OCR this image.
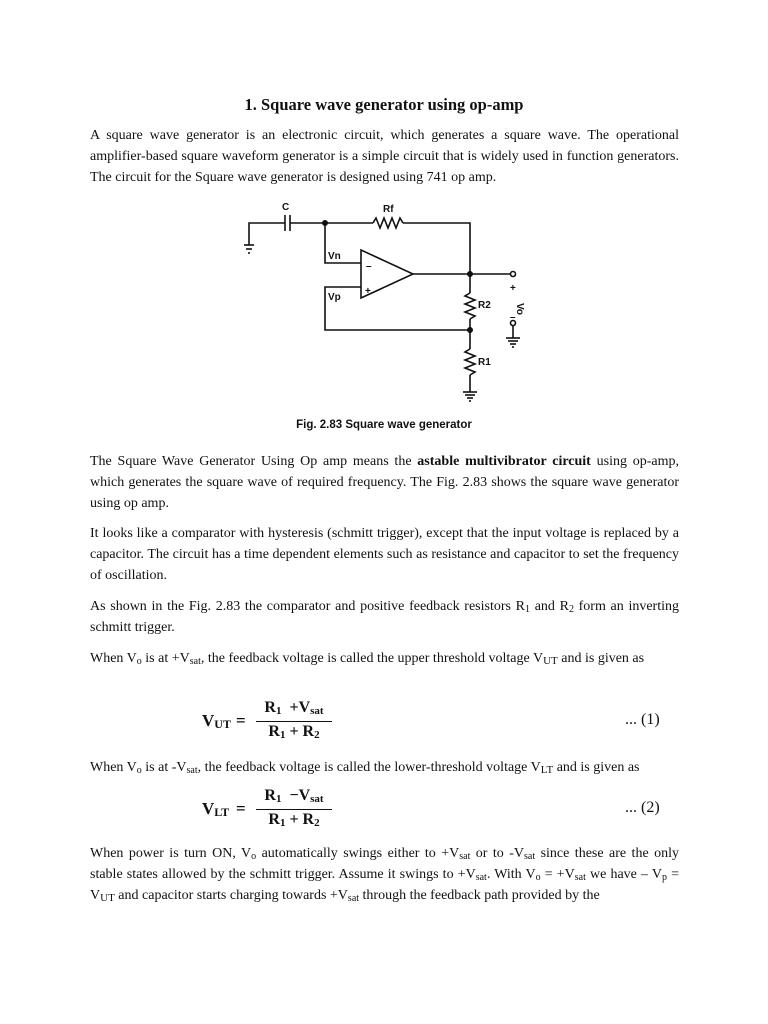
1. Square wave generator using op-amp

A square wave generator is an electronic circuit, which generates a square wave. The operational amplifier-based square waveform generator is a simple circuit that is widely used in function generators. The circuit for the Square wave generator is designed using 741 op amp.

C	Rf
Vn
Vp
–
+
R2
R1
+
Vo
–
Fig. 2.83 Square wave generator

The Square Wave Generator Using Op amp means the astable multivibrator circuit using op-amp, which generates the square wave of required frequency. The Fig. 2.83 shows the square wave generator using op amp.

It looks like a comparator with hysteresis (schmitt trigger), except that the input voltage is replaced by a capacitor. The circuit has a time dependent elements such as resistance and capacitor to set the frequency of oscillation.

As shown in the Fig. 2.83 the comparator and positive feedback resistors $R_1$ and $R_2$ form an inverting schmitt trigger.

When $V_o$ is at $+V_{sat}$, the feedback voltage is called the upper threshold voltage $V_{UT}$ and is given as

$V_{UT}$ =
$R_1 +V_{sat}$
$R_1 + R_2$
... (1)

When $V_o$ is at $-V_{sat}$, the feedback voltage is called the lower-threshold voltage $V_{LT}$ and is given as

$V_{LT}$ =
$R_1 -V_{sat}$
$R_1 + R_2$
... (2)

When power is turn ON, $V_o$ automatically swings either to $+V_{sat}$ or to $-V_{sat}$ since these are the only stable states allowed by the schmitt trigger. Assume it swings to $+V_{sat}$. With $V_o = +V_{sat}$ we have – $V_p = V_{UT}$ and capacitor starts charging towards $+V_{sat}$ through the feedback path provided by the
